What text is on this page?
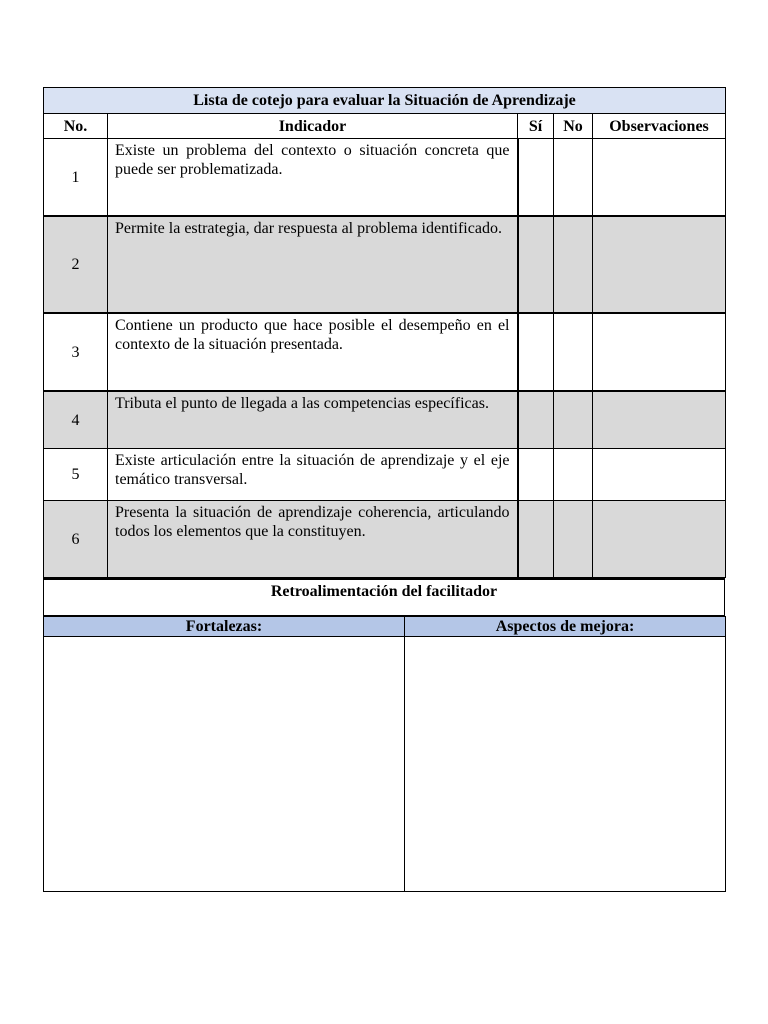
Lista de cotejo para evaluar la Situación de Aprendizaje				
No.	Indicador	Sí	No	Observaciones
1	Existe un problema del contexto o situación concreta que puede ser problematizada.			
2	Permite la estrategia, dar respuesta al problema identificado.			
3	Contiene un producto que hace posible el desempeño en el contexto de la situación presentada.			
4	Tributa el punto de llegada a las competencias específicas.			
5	Existe articulación entre la situación de aprendizaje y el eje temático transversal.			
6	Presenta la situación de aprendizaje coherencia, articulando todos los elementos que la constituyen.			
Retroalimentación del facilitador
Fortalezas:	Aspectos de mejora:
